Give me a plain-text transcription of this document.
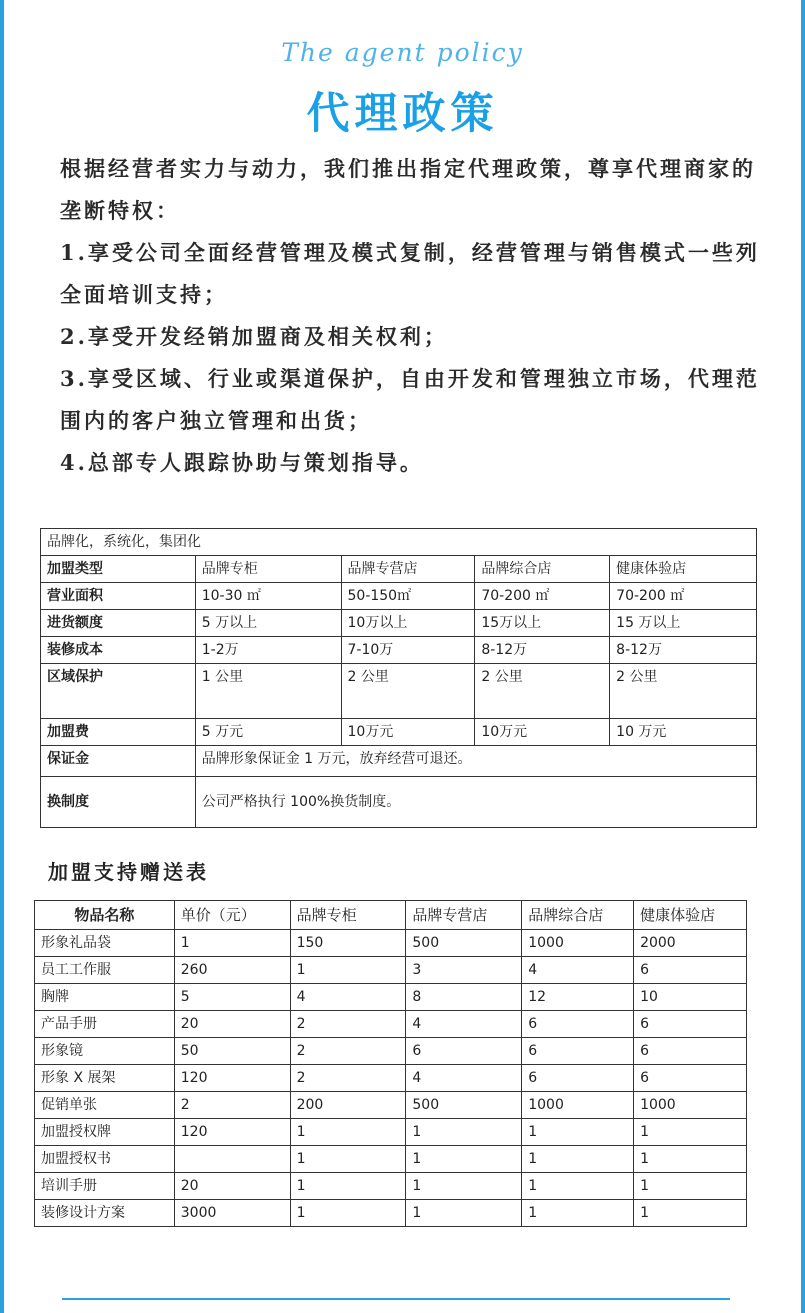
The agent policy
代理政策

根据经营者实力与动力，我们推出指定代理政策，尊享代理商家的垄断特权：

1.享受公司全面经营管理及模式复制，经营管理与销售模式一些列全面培训支持；

2.享受开发经销加盟商及相关权利；

3.享受区域、行业或渠道保护，自由开发和管理独立市场，代理范围内的客户独立管理和出货；

4.总部专人跟踪协助与策划指导。

品牌化，系统化，集团化				
加盟类型	品牌专柜	品牌专营店	品牌综合店	健康体验店
营业面积	10-30 ㎡	50-150㎡	70-200 ㎡	70-200 ㎡
进货额度	5 万以上	10万以上	15万以上	15 万以上
装修成本	1-2万	7-10万	8-12万	8-12万
区域保护	1 公里	2 公里	2 公里	2 公里
加盟费	5 万元	10万元	10万元	10 万元
保证金	品牌形象保证金 1 万元，放弃经营可退还。			
换制度	公司严格执行 100%换货制度。			
加盟支持赠送表
物品名称	单价（元）	品牌专柜	品牌专营店	品牌综合店	健康体验店
形象礼品袋	1	150	500	1000	2000
员工工作服	260	1	3	4	6
胸牌	5	4	8	12	10
产品手册	20	2	4	6	6
形象镜	50	2	6	6	6
形象 X 展架	120	2	4	6	6
促销单张	2	200	500	1000	1000
加盟授权牌	120	1	1	1	1
加盟授权书		1	1	1	1
培训手册	20	1	1	1	1
装修设计方案	3000	1	1	1	1
